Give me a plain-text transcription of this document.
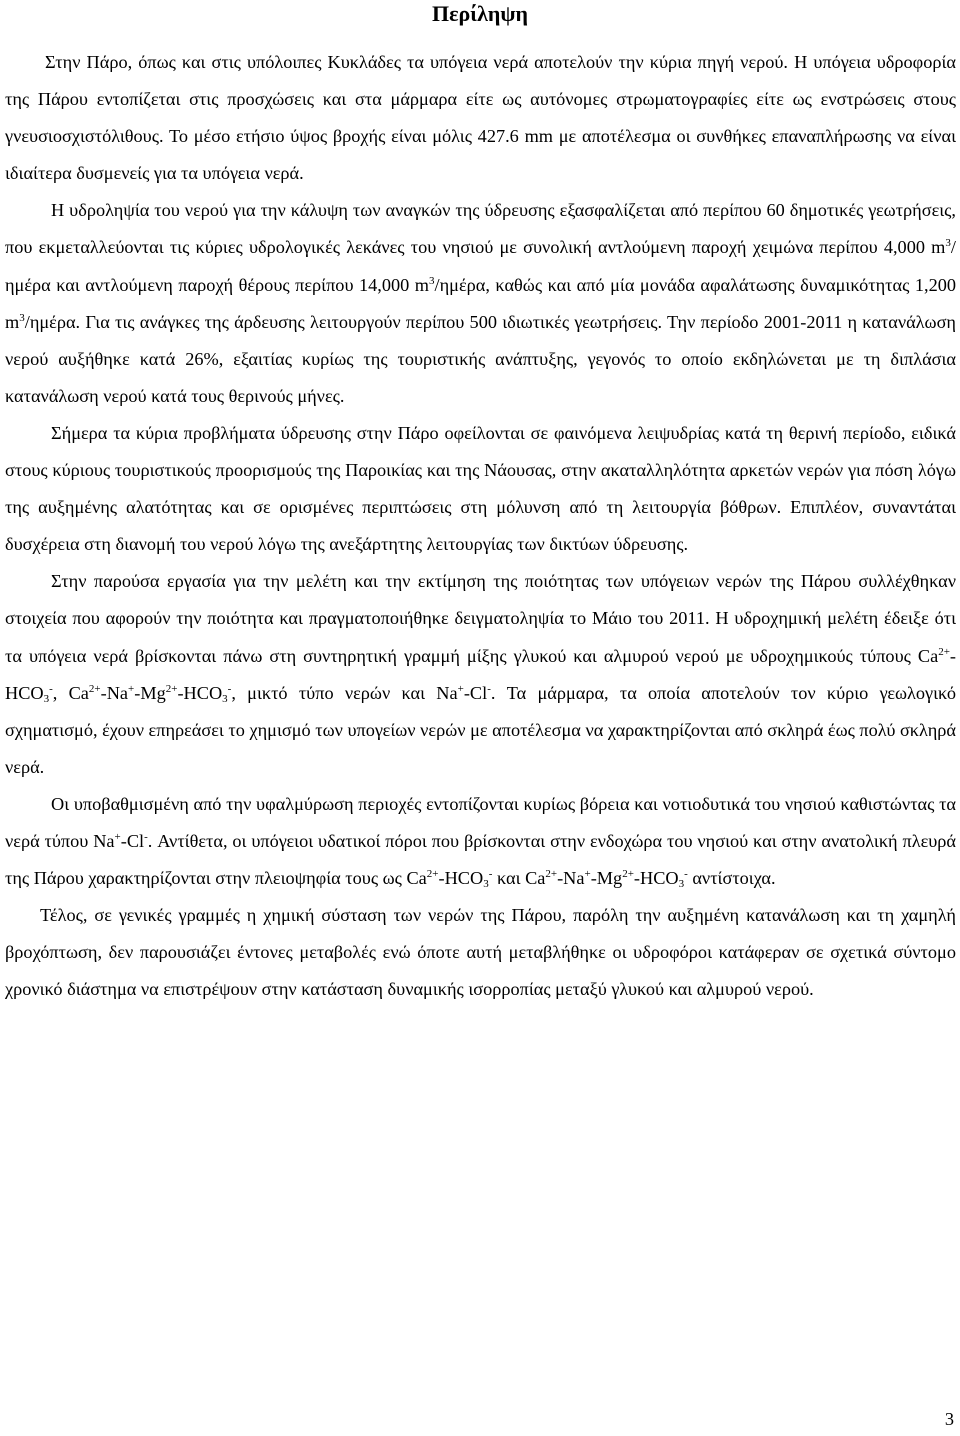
Περίληψη

Στην Πάρο, όπως και στις υπόλοιπες Κυκλάδες τα υπόγεια νερά αποτελούν την κύρια πηγή νερού. Η υπόγεια υδροφορία της Πάρου εντοπίζεται στις προσχώσεις και στα μάρμαρα είτε ως αυτόνομες στρωματογραφίες είτε ως ενστρώσεις στους γνευσιοσχιστόλιθους. Το μέσο ετήσιο ύψος βροχής είναι μόλις 427.6 mm με αποτέλεσμα οι συνθήκες επαναπλήρωσης να είναι ιδιαίτερα δυσμενείς για τα υπόγεια νερά.

Η υδροληψία του νερού για την κάλυψη των αναγκών της ύδρευσης εξασφαλίζεται από περίπου 60 δημοτικές γεωτρήσεις, που εκμεταλλεύονται τις κύριες υδρολογικές λεκάνες του νησιού με συνολική αντλούμενη παροχή χειμώνα περίπου 4,000 $m^3$/ημέρα και αντλούμενη παροχή θέρους περίπου 14,000 $m^3$/ημέρα, καθώς και από μία μονάδα αφαλάτωσης δυναμικότητας 1,200 $m^3$/ημέρα. Για τις ανάγκες της άρδευσης λειτουργούν περίπου 500 ιδιωτικές γεωτρήσεις. Την περίοδο 2001-2011 η κατανάλωση νερού αυξήθηκε κατά 26%, εξαιτίας κυρίως της τουριστικής ανάπτυξης, γεγονός το οποίο εκδηλώνεται με τη διπλάσια κατανάλωση νερού κατά τους θερινούς μήνες.

Σήμερα τα κύρια προβλήματα ύδρευσης στην Πάρο οφείλονται σε φαινόμενα λειψυδρίας κατά τη θερινή περίοδο, ειδικά στους κύριους τουριστικούς προορισμούς της Παροικίας και της Νάουσας, στην ακαταλληλότητα αρκετών νερών για πόση λόγω της αυξημένης αλατότητας και σε ορισμένες περιπτώσεις στη μόλυνση από τη λειτουργία βόθρων. Επιπλέον, συναντάται δυσχέρεια στη διανομή του νερού λόγω της ανεξάρτητης λειτουργίας των δικτύων ύδρευσης.

Στην παρούσα εργασία για την μελέτη και την εκτίμηση της ποιότητας των υπόγειων νερών της Πάρου συλλέχθηκαν στοιχεία που αφορούν την ποιότητα και πραγματοποιήθηκε δειγματοληψία το Μάιο του 2011. Η υδροχημική μελέτη έδειξε ότι τα υπόγεια νερά βρίσκονται πάνω στη συντηρητική γραμμή μίξης γλυκού και αλμυρού νερού με υδροχημικούς τύπους $Ca^{2+}-HCO_3^-$, $Ca^{2+}-Na^+-Mg^{2+}-HCO_3^-$, μικτό τύπο νερών και Na+-Cl-. Τα μάρμαρα, τα οποία αποτελούν τον κύριο γεωλογικό σχηματισμό, έχουν επηρεάσει το χημισμό των υπογείων νερών με αποτέλεσμα να χαρακτηρίζονται από σκληρά έως πολύ σκληρά νερά.

Οι υποβαθμισμένη από την υφαλμύρωση περιοχές εντοπίζονται κυρίως βόρεια και νοτιοδυτικά του νησιού καθιστώντας τα νερά τύπου Na+-Cl-. Αντίθετα, οι υπόγειοι υδατικοί πόροι που βρίσκονται στην ενδοχώρα του νησιού και στην ανατολική πλευρά της Πάρου χαρακτηρίζονται στην πλειοψηφία τους ως $Ca^{2+}-HCO_3^-$ και $Ca^{2+}-Na^+-Mg^{2+}-HCO_3^-$ αντίστοιχα.

Τέλος, σε γενικές γραμμές η χημική σύσταση των νερών της Πάρου, παρόλη την αυξημένη κατανάλωση και τη χαμηλή βροχόπτωση, δεν παρουσιάζει έντονες μεταβολές ενώ όποτε αυτή μεταβλήθηκε οι υδροφόροι κατάφεραν σε σχετικά σύντομο χρονικό διάστημα να επιστρέψουν στην κατάσταση δυναμικής ισορροπίας μεταξύ γλυκού και αλμυρού νερού.

3
